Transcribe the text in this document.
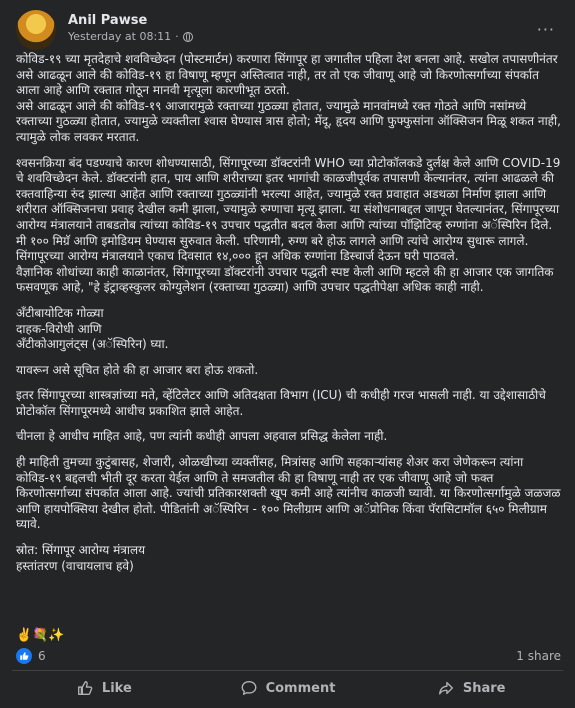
Anil Pawse
Yesterday at 08:11 ·	···

कोविड-१९ च्या मृतदेहाचे शवविच्छेदन (पोस्टमार्टम) करणारा सिंगापूर हा जगातील पहिला देश बनला आहे. सखोल तपासणीनंतर असे आढळून आले की कोविड-१९ हा विषाणू म्हणून अस्तित्वात नाही, तर तो एक जीवाणू आहे जो किरणोत्सर्गाच्या संपर्कात आला आहे आणि रक्तात गोठून मानवी मृत्यूला कारणीभूत ठरतो.
असे आढळून आले की कोविड-१९ आजारामुळे रक्ताच्या गुठळ्या होतात, ज्यामुळे मानवांमध्ये रक्त गोठते आणि नसांमध्ये रक्ताच्या गुठळ्या होतात, ज्यामुळे व्यक्तीला श्वास घेण्यास त्रास होतो; मेंदू, हृदय आणि फुफ्फुसांना ऑक्सिजन मिळू शकत नाही, त्यामुळे लोक लवकर मरतात.

श्वसनक्रिया बंद पडण्याचे कारण शोधण्यासाठी, सिंगापूरच्या डॉक्टरांनी WHO च्या प्रोटोकॉलकडे दुर्लक्ष केले आणि COVID-19 चे शवविच्छेदन केले. डॉक्टरांनी हात, पाय आणि शरीराच्या इतर भागांची काळजीपूर्वक तपासणी केल्यानंतर, त्यांना आढळले की रक्तवाहिन्या रुंद झाल्या आहेत आणि रक्ताच्या गुठळ्यांनी भरल्या आहेत, ज्यामुळे रक्त प्रवाहात अडथळा निर्माण झाला आणि शरीरात ऑक्सिजनचा प्रवाह देखील कमी झाला, ज्यामुळे रुग्णाचा मृत्यू झाला. या संशोधनाबद्दल जाणून घेतल्यानंतर, सिंगापूरच्या आरोग्य मंत्रालयाने ताबडतोब त्यांच्या कोविड-१९ उपचार पद्धतीत बदल केला आणि त्यांच्या पॉझिटिव्ह रुग्णांना अॅस्पिरिन दिले. मी १०० मिग्रॅ आणि इमोडियम घेण्यास सुरुवात केली. परिणामी, रुग्ण बरे होऊ लागले आणि त्यांचे आरोग्य सुधारू लागले. सिंगापूरच्या आरोग्य मंत्रालयाने एकाच दिवसात १४,००० हून अधिक रुग्णांना डिस्चार्ज देऊन घरी पाठवले.
वैज्ञानिक शोधांच्या काही काळानंतर, सिंगापूरच्या डॉक्टरांनी उपचार पद्धती स्पष्ट केली आणि म्हटले की हा आजार एक जागतिक फसवणूक आहे, "हे इंट्राव्हस्कुलर कोग्युलेशन (रक्ताच्या गुठळ्या) आणि उपचार पद्धतीपेक्षा अधिक काही नाही.

अँटीबायोटिक गोळ्या
दाहक-विरोधी आणि
अँटीकोआगुलंट्स (अॅस्पिरिन) घ्या.

यावरून असे सूचित होते की हा आजार बरा होऊ शकतो.

इतर सिंगापूरच्या शास्त्रज्ञांच्या मते, व्हेंटिलेटर आणि अतिदक्षता विभाग (ICU) ची कधीही गरज भासली नाही. या उद्देशासाठीचे प्रोटोकॉल सिंगापूरमध्ये आधीच प्रकाशित झाले आहेत.

चीनला हे आधीच माहित आहे, पण त्यांनी कधीही आपला अहवाल प्रसिद्ध केलेला नाही.

ही माहिती तुमच्या कुटुंबासह, शेजारी, ओळखीच्या व्यक्तींसह, मित्रांसह आणि सहकाऱ्यांसह शेअर करा जेणेकरून त्यांना कोविड-१९ बद्दलची भीती दूर करता येईल आणि ते समजतील की हा विषाणू नाही तर एक जीवाणू आहे जो फक्त किरणोत्सर्गाच्या संपर्कात आला आहे. ज्यांची प्रतिकारशक्ती खूप कमी आहे त्यांनीच काळजी घ्यावी. या किरणोत्सर्गामुळे जळजळ आणि हायपोक्सिया देखील होतो. पीडितांनी अॅस्पिरिन - १०० मिलीग्राम आणि अॅप्रोनिक किंवा पॅरासिटामॉल ६५० मिलीग्राम घ्यावे.

स्रोत: सिंगापूर आरोग्य मंत्रालय
हस्तांतरण (वाचायलाच हवे)

✌️💐✨
6	1 share
Like	Comment	Share
